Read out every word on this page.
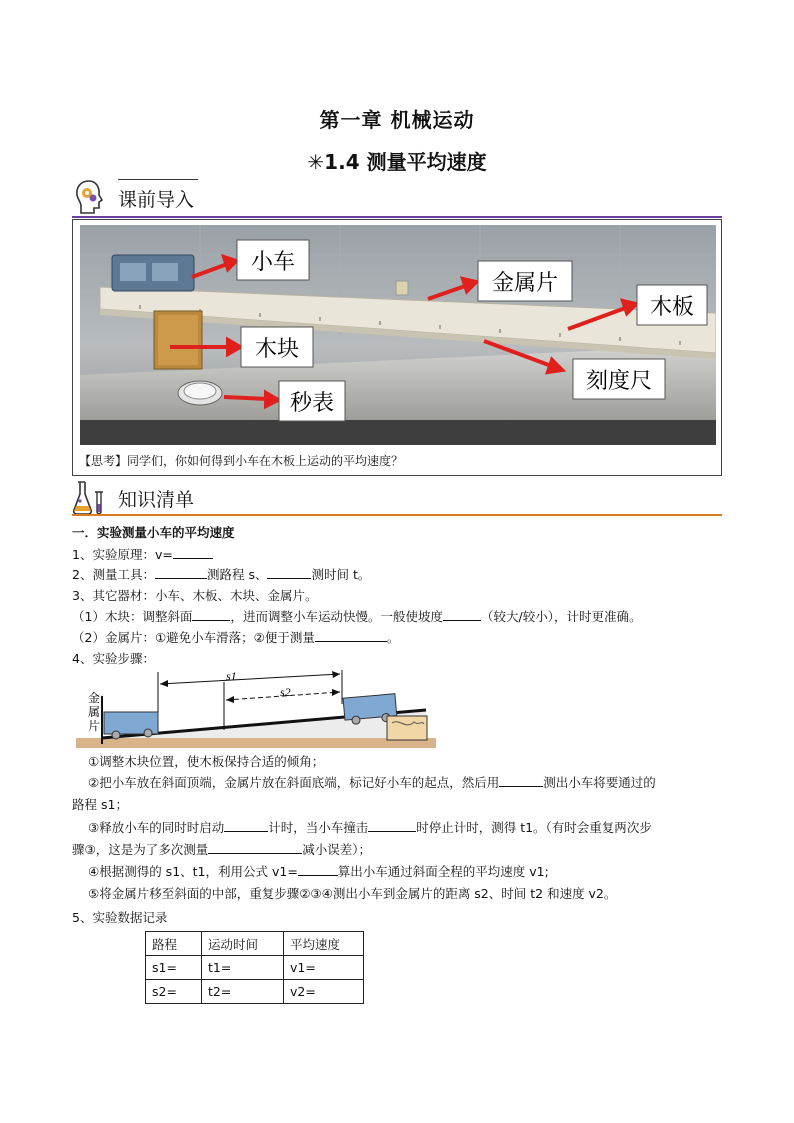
第一章 机械运动
✳1.4 测量平均速度
课前导入
小车
金属片
木板
木块
刻度尺
秒表
【思考】同学们，你如何得到小车在木板上运动的平均速度？
知识清单
一．实验测量小车的平均速度
1、实验原理：v=
2、测量工具：	测路程 s、	测时间 t。
3、其它器材：小车、木板、木块、金属片。
（1）木块：调整斜面	，进而调整小车运动快慢。一般使坡度	（较大/较小），计时更准确。
（2）金属片：①避免小车滑落；②便于测量	。
4、实验步骤：
金属片
s1
s2
①调整木块位置，使木板保持合适的倾角；
②把小车放在斜面顶端，金属片放在斜面底端，标记好小车的起点，然后用	测出小车将要通过的
路程 s1；
③释放小车的同时时启动	计时，当小车撞击	时停止计时，测得 t1。（有时会重复两次步
骤③，这是为了多次测量	减小误差）；
④根据测得的 s1、t1，利用公式 v1=	算出小车通过斜面全程的平均速度 v1;
⑤将金属片移至斜面的中部，重复步骤②③④测出小车到金属片的距离 s2、时间 t2 和速度 v2。
5、实验数据记录
路程	运动时间	平均速度
s1=	t1=	v1=
s2=	t2=	v2=
